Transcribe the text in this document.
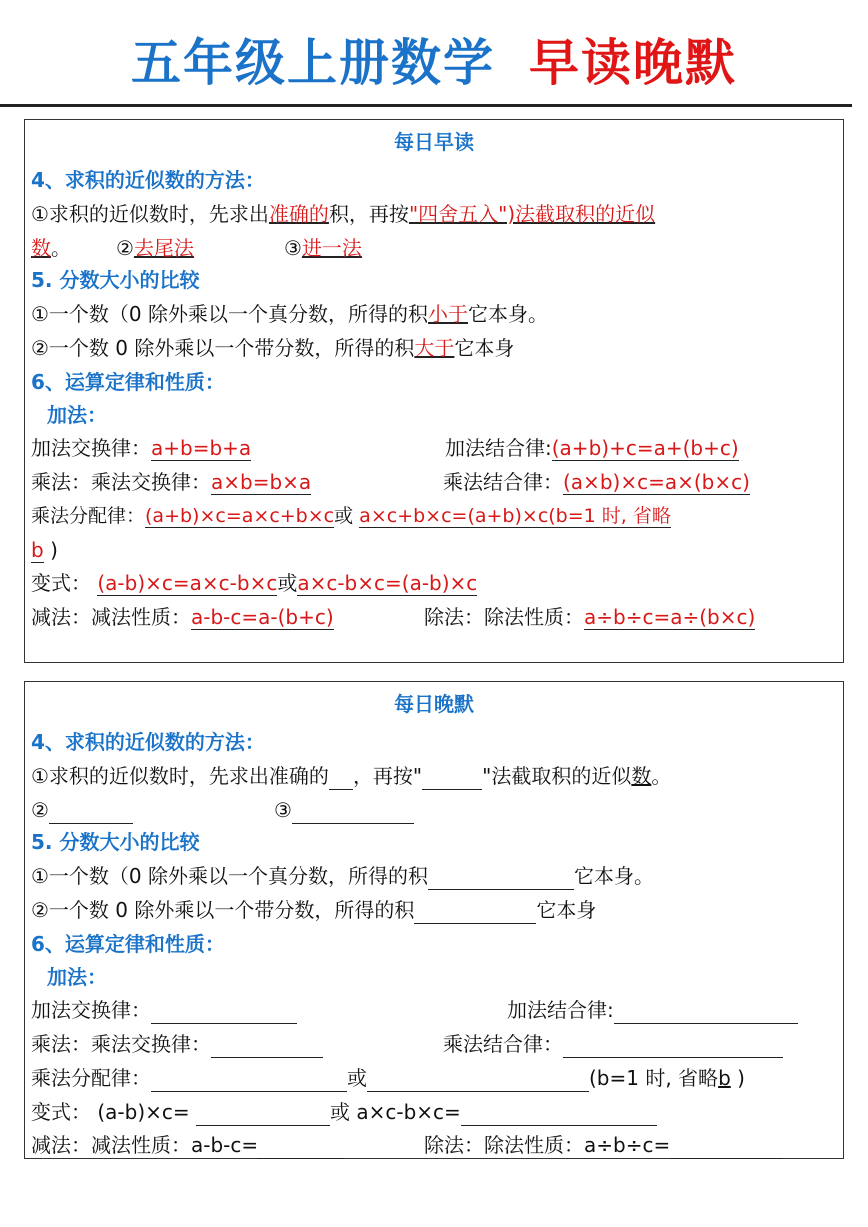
五年级上册数学 早读晚默
每日早读
4、求积的近似数的方法：
①求积的近似数时，先求出准确的积，再按"四舍五入")法截取积的近似
数。 ②去尾法	③进一法
5. 分数大小的比较
①一个数（0 除外乘以一个真分数，所得的积小于它本身。
②一个数 0 除外乘以一个带分数，所得的积大于它本身
6、运算定律和性质：
加法：
加法交换律：a+b=b+a	加法结合律:(a+b)+c=a+(b+c)
乘法：乘法交换律：a×b=b×a	乘法结合律：(a×b)×c=a×(b×c)
乘法分配律：(a+b)×c=a×c+b×c或 a×c+b×c=(a+b)×c(b=1 时, 省略
b )
变式： (a-b)×c=a×c-b×c或a×c-b×c=(a-b)×c
减法：减法性质：a-b-c=a-(b+c)	除法：除法性质：a÷b÷c=a÷(b×c)
每日晚默
4、求积的近似数的方法：
①求积的近似数时，先求出准确的 ，再按"	"法截取积的近似数。
②	③
5. 分数大小的比较
①一个数（0 除外乘以一个真分数，所得的积	它本身。
②一个数 0 除外乘以一个带分数，所得的积	它本身
6、运算定律和性质：
加法：
加法交换律：	加法结合律:
乘法：乘法交换律：	乘法结合律：
乘法分配律：	或	(b=1 时, 省略b )
变式： (a-b)×c=	或 a×c-b×c=
减法：减法性质：a-b-c=	除法：除法性质：a÷b÷c=
